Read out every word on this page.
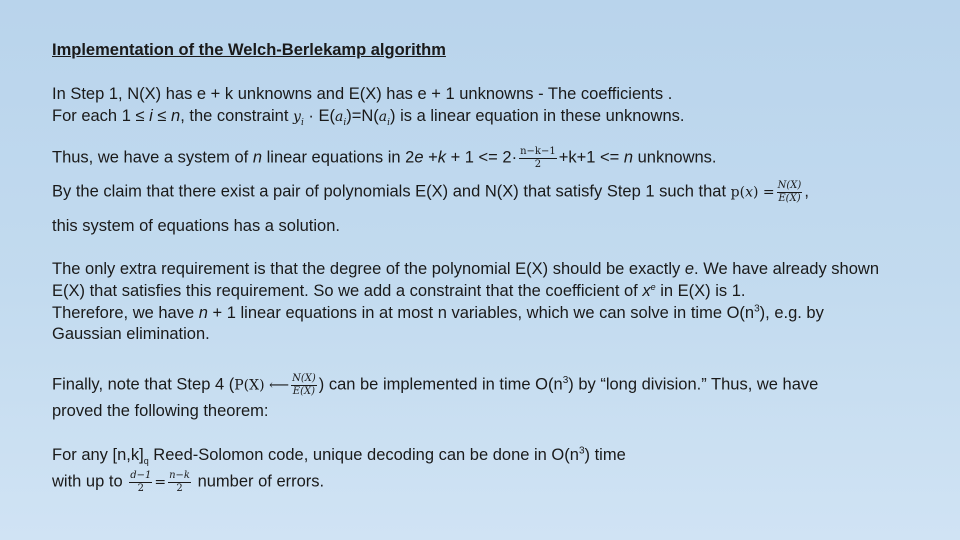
Implementation of the Welch-Berlekamp algorithm
In Step 1, N(X) has e + k unknowns and E(X) has e + 1 unknowns - The coefficients .
For each 1 ≤ i ≤ n, the constraint $y_i \cdot E(a_i)=N(a_i)$ is a linear equation in these unknowns.
Thus, we have a system of n linear equations in $2e +k + 1 <= 2\cdot \frac{n-k-1}{2} +k+1 <= n$ unknowns.
By the claim that there exist a pair of polynomials E(X) and N(X) that satisfy Step 1 such that $p(x) = \frac{N(X)}{E(X)}$ ,
this system of equations has a solution.
The only extra requirement is that the degree of the polynomial E(X) should be exactly e. We have already shown
E(X) that satisfies this requirement. So we add a constraint that the coefficient of $x^e$ in E(X) is 1.
Therefore, we have n + 1 linear equations in at most n variables, which we can solve in time $O(n^3)$, e.g. by
Gaussian elimination.
Finally, note that Step 4 (P(X) ⟵ $\frac{N(X)}{E(X)}$ ) can be implemented in time $O(n^3)$ by “long division.” Thus, we have
proved the following theorem:
For any $[n,k]_q$ Reed-Solomon code, unique decoding can be done in $O(n^3)$ time
with up to $\frac{d-1}{2} = \frac{n-k}{2}$ number of errors.
